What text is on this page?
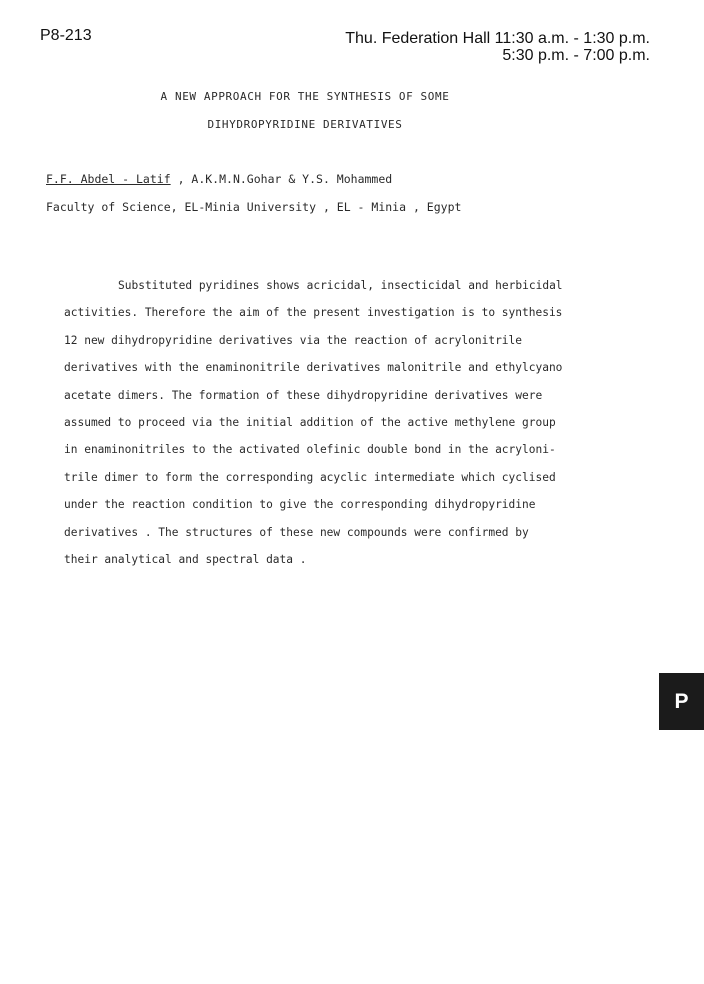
P8-213	Thu. Federation Hall 11:30 a.m. - 1:30 p.m.
5:30 p.m. - 7:00 p.m.
A NEW APPROACH FOR THE SYNTHESIS OF SOME
DIHYDROPYRIDINE DERIVATIVES
F.F. Abdel - Latif , A.K.M.N.Gohar & Y.S. Mohammed
Faculty of Science, EL-Minia University , EL - Minia , Egypt
Substituted pyridines shows acricidal, insecticidal and herbicidal
activities. Therefore the aim of the present investigation is to synthesis
12 new dihydropyridine derivatives via the reaction of acrylonitrile
derivatives with the enaminonitrile derivatives malonitrile and ethylcyano
acetate dimers. The formation of these dihydropyridine derivatives were
assumed to proceed via the initial addition of the active methylene group
in enaminonitriles to the activated olefinic double bond in the acryloni-
trile dimer to form the corresponding acyclic intermediate which cyclised
under the reaction condition to give the corresponding dihydropyridine
derivatives . The structures of these new compounds were confirmed by
their analytical and spectral data .
P
